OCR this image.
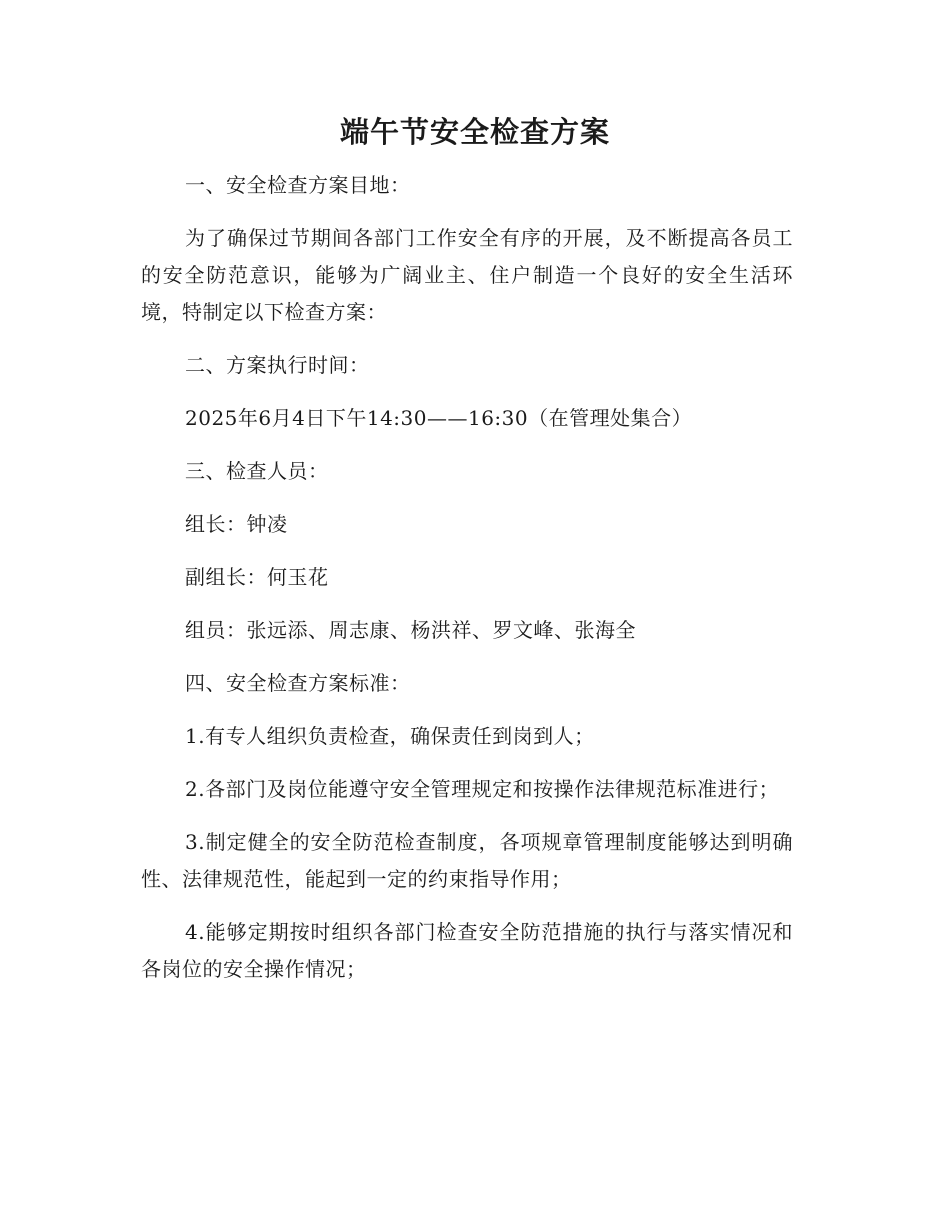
端午节安全检查方案

一、安全检查方案目地：

为了确保过节期间各部门工作安全有序的开展，及不断提高各员工的安全防范意识，能够为广阔业主、住户制造一个良好的安全生活环境，特制定以下检查方案：

二、方案执行时间：

2025年6月4日下午14:30——16:30（在管理处集合）

三、检查人员：

组长：钟凌

副组长：何玉花

组员：张远添、周志康、杨洪祥、罗文峰、张海全

四、安全检查方案标准：

1.有专人组织负责检查，确保责任到岗到人；

2.各部门及岗位能遵守安全管理规定和按操作法律规范标准进行；

3.制定健全的安全防范检查制度，各项规章管理制度能够达到明确性、法律规范性，能起到一定的约束指导作用；

4.能够定期按时组织各部门检查安全防范措施的执行与落实情况和各岗位的安全操作情况；
